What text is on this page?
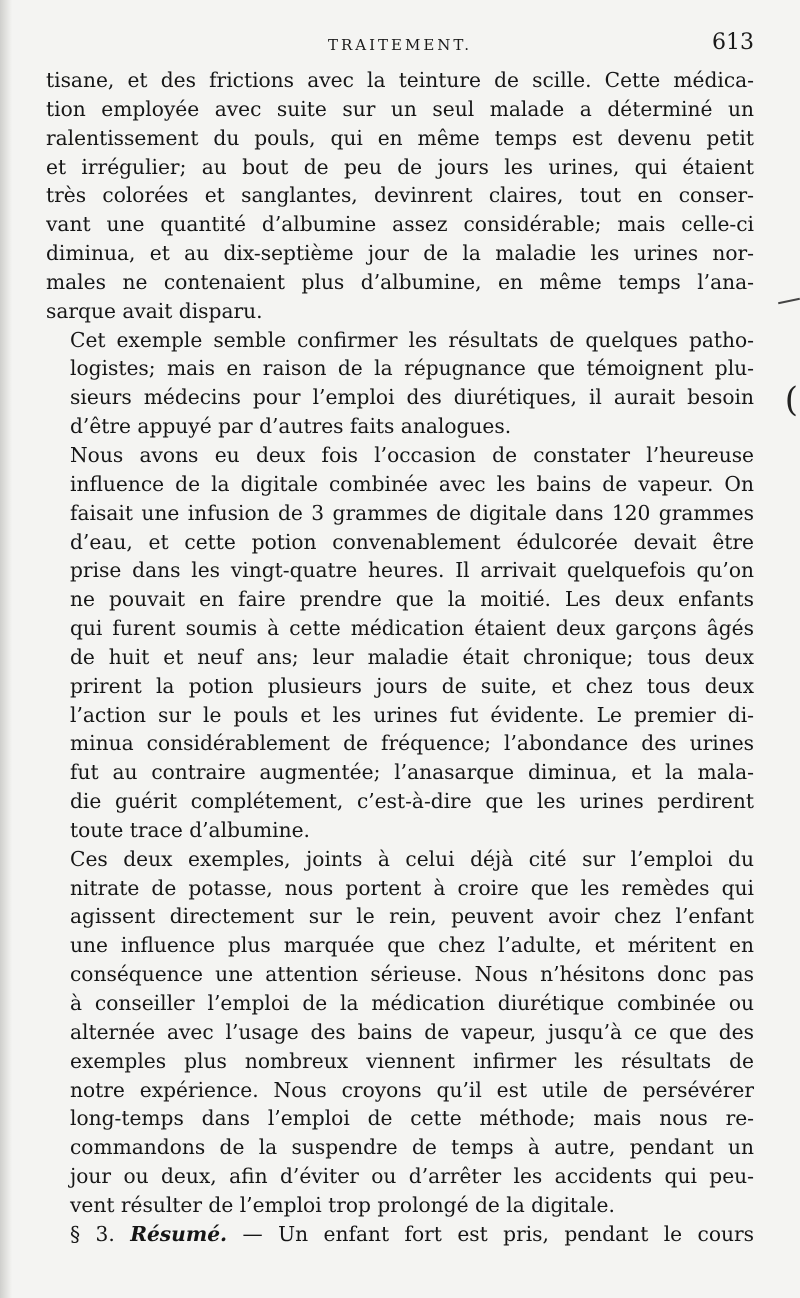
TRAITEMENT.	613
tisane, et des frictions avec la teinture de scille. Cette médica-
tion employée avec suite sur un seul malade a déterminé un
ralentissement du pouls, qui en même temps est devenu petit
et irrégulier; au bout de peu de jours les urines, qui étaient
très colorées et sanglantes, devinrent claires, tout en conser-
vant une quantité d’albumine assez considérable; mais celle-ci
diminua, et au dix-septième jour de la maladie les urines nor-
males ne contenaient plus d’albumine, en même temps l’ana-
sarque avait disparu.
Cet exemple semble confirmer les résultats de quelques patho-
logistes; mais en raison de la répugnance que témoignent plu-
sieurs médecins pour l’emploi des diurétiques, il aurait besoin
d’être appuyé par d’autres faits analogues.
Nous avons eu deux fois l’occasion de constater l’heureuse
influence de la digitale combinée avec les bains de vapeur. On
faisait une infusion de 3 grammes de digitale dans 120 grammes
d’eau, et cette potion convenablement édulcorée devait être
prise dans les vingt-quatre heures. Il arrivait quelquefois qu’on
ne pouvait en faire prendre que la moitié. Les deux enfants
qui furent soumis à cette médication étaient deux garçons âgés
de huit et neuf ans; leur maladie était chronique; tous deux
prirent la potion plusieurs jours de suite, et chez tous deux
l’action sur le pouls et les urines fut évidente. Le premier di-
minua considérablement de fréquence; l’abondance des urines
fut au contraire augmentée; l’anasarque diminua, et la mala-
die guérit complétement, c’est-à-dire que les urines perdirent
toute trace d’albumine.
Ces deux exemples, joints à celui déjà cité sur l’emploi du
nitrate de potasse, nous portent à croire que les remèdes qui
agissent directement sur le rein, peuvent avoir chez l’enfant
une influence plus marquée que chez l’adulte, et méritent en
conséquence une attention sérieuse. Nous n’hésitons donc pas
à conseiller l’emploi de la médication diurétique combinée ou
alternée avec l’usage des bains de vapeur, jusqu’à ce que des
exemples plus nombreux viennent infirmer les résultats de
notre expérience. Nous croyons qu’il est utile de persévérer
long-temps dans l’emploi de cette méthode; mais nous re-
commandons de la suspendre de temps à autre, pendant un
jour ou deux, afin d’éviter ou d’arrêter les accidents qui peu-
vent résulter de l’emploi trop prolongé de la digitale.
§ 3. Résumé. — Un enfant fort est pris, pendant le cours
(
